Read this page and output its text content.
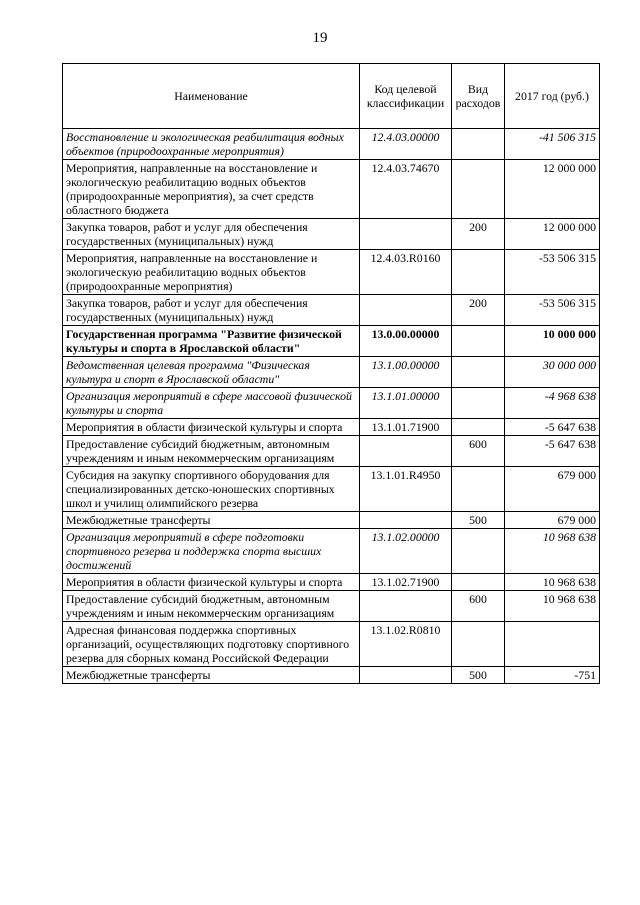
19
Наименование	Код целевой классификации	Вид расходов	2017 год (руб.)
Восстановление и экологическая реабилитация водных объектов (природоохранные мероприятия)	12.4.03.00000		-41 506 315
Мероприятия, направленные на восстановление и экологическую реабилитацию водных объектов (природоохранные мероприятия), за счет средств областного бюджета	12.4.03.74670		12 000 000
Закупка товаров, работ и услуг для обеспечения государственных (муниципальных) нужд		200	12 000 000
Мероприятия, направленные на восстановление и экологическую реабилитацию водных объектов (природоохранные мероприятия)	12.4.03.R0160		-53 506 315
Закупка товаров, работ и услуг для обеспечения государственных (муниципальных) нужд		200	-53 506 315
Государственная программа "Развитие физической культуры и спорта в Ярославской области"	13.0.00.00000		10 000 000
Ведомственная целевая программа "Физическая культура и спорт в Ярославской области"	13.1.00.00000		30 000 000
Организация мероприятий в сфере массовой физической культуры и спорта	13.1.01.00000		-4 968 638
Мероприятия в области физической культуры и спорта	13.1.01.71900		-5 647 638
Предоставление субсидий бюджетным, автономным учреждениям и иным некоммерческим организациям		600	-5 647 638
Субсидия на закупку спортивного оборудования для специализированных детско-юношеских спортивных школ и училищ олимпийского резерва	13.1.01.R4950		679 000
Межбюджетные трансферты		500	679 000
Организация мероприятий в сфере подготовки спортивного резерва и поддержка спорта высших достижений	13.1.02.00000		10 968 638
Мероприятия в области физической культуры и спорта	13.1.02.71900		10 968 638
Предоставление субсидий бюджетным, автономным учреждениям и иным некоммерческим организациям		600	10 968 638
Адресная финансовая поддержка спортивных организаций, осуществляющих подготовку спортивного резерва для сборных команд Российской Федерации	13.1.02.R0810		
Межбюджетные трансферты		500	-751
